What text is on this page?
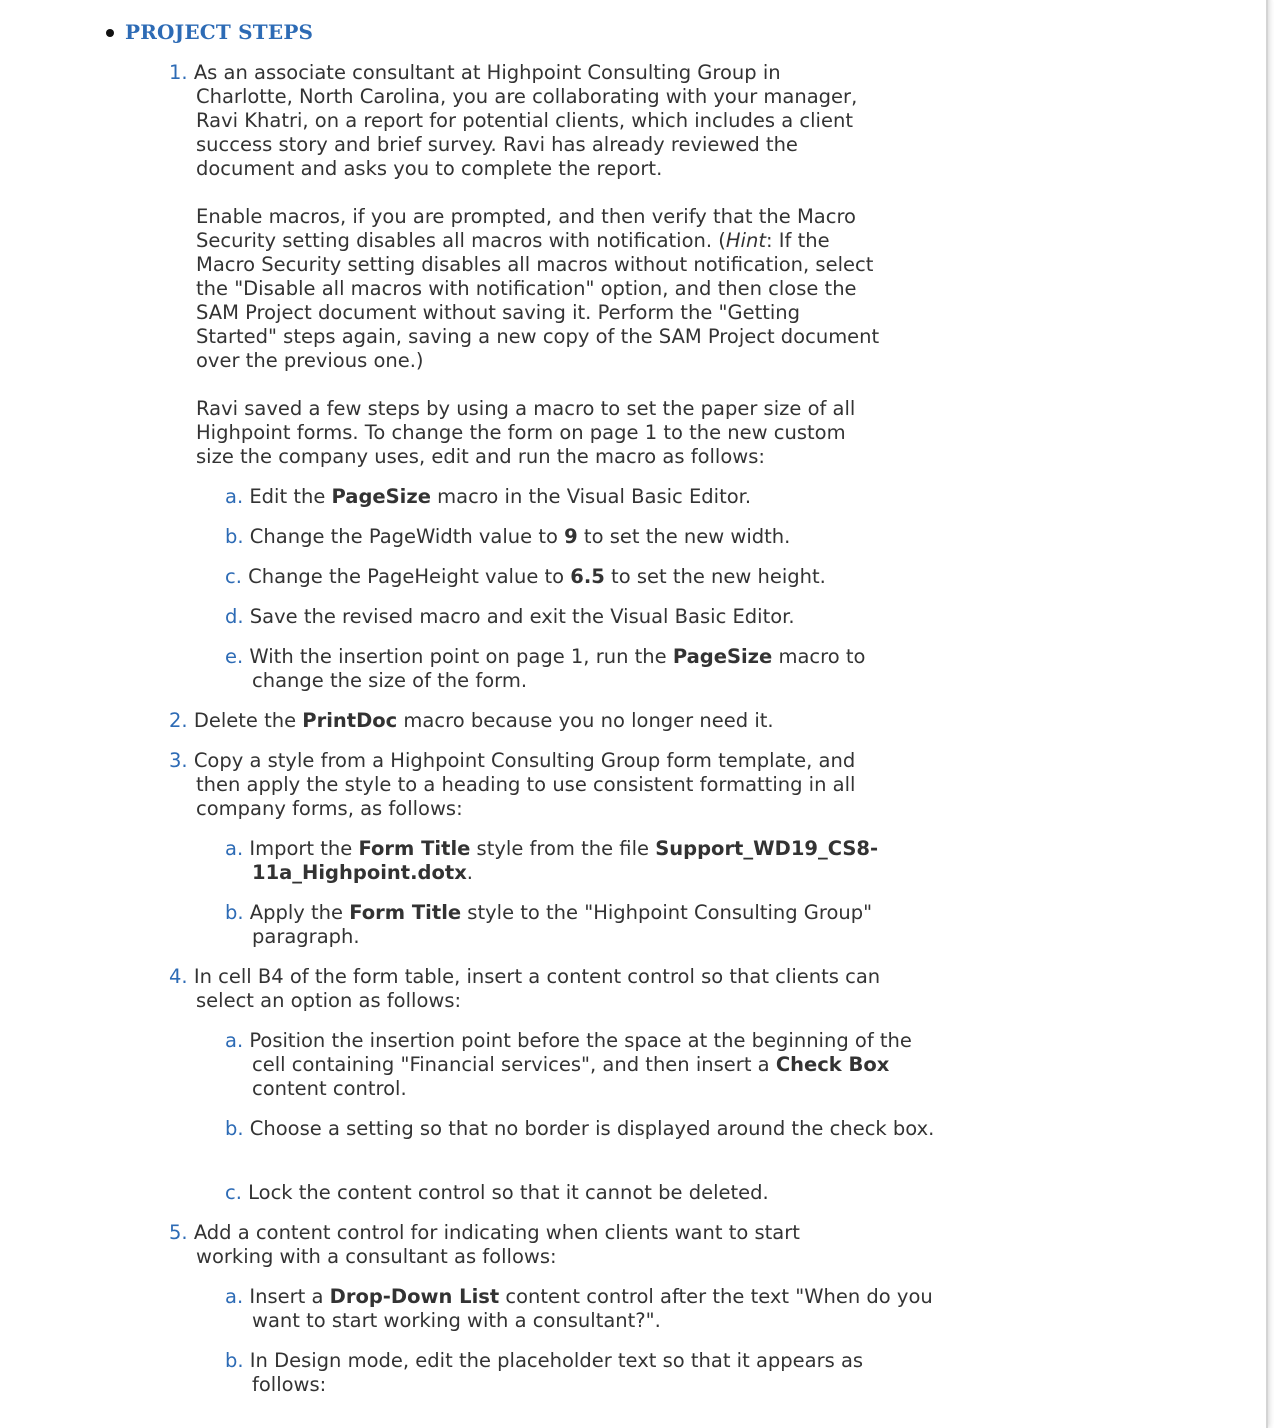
PROJECT STEPS

1. As an associate consultant at Highpoint Consulting Group in Charlotte, North Carolina, you are collaborating with your manager, Ravi Khatri, on a report for potential clients, which includes a client success story and brief survey. Ravi has already reviewed the document and asks you to complete the report.

Enable macros, if you are prompted, and then verify that the Macro Security setting disables all macros with notification. (Hint: If the Macro Security setting disables all macros without notification, select the "Disable all macros with notification" option, and then close the SAM Project document without saving it. Perform the "Getting Started" steps again, saving a new copy of the SAM Project document over the previous one.)

Ravi saved a few steps by using a macro to set the paper size of all Highpoint forms. To change the form on page 1 to the new custom size the company uses, edit and run the macro as follows:

a. Edit the PageSize macro in the Visual Basic Editor.

b. Change the PageWidth value to 9 to set the new width.

c. Change the PageHeight value to 6.5 to set the new height.

d. Save the revised macro and exit the Visual Basic Editor.

e. With the insertion point on page 1, run the PageSize macro to change the size of the form.

2. Delete the PrintDoc macro because you no longer need it.

3. Copy a style from a Highpoint Consulting Group form template, and then apply the style to a heading to use consistent formatting in all company forms, as follows:

a. Import the Form Title style from the file Support_WD19_CS8-11a_Highpoint.dotx.

b. Apply the Form Title style to the "Highpoint Consulting Group" paragraph.

4. In cell B4 of the form table, insert a content control so that clients can select an option as follows:

a. Position the insertion point before the space at the beginning of the cell containing "Financial services", and then insert a Check Box content control.

b. Choose a setting so that no border is displayed around the check box.

c. Lock the content control so that it cannot be deleted.

5. Add a content control for indicating when clients want to start working with a consultant as follows:

a. Insert a Drop-Down List content control after the text "When do you want to start working with a consultant?".

b. In Design mode, edit the placeholder text so that it appears as follows:
